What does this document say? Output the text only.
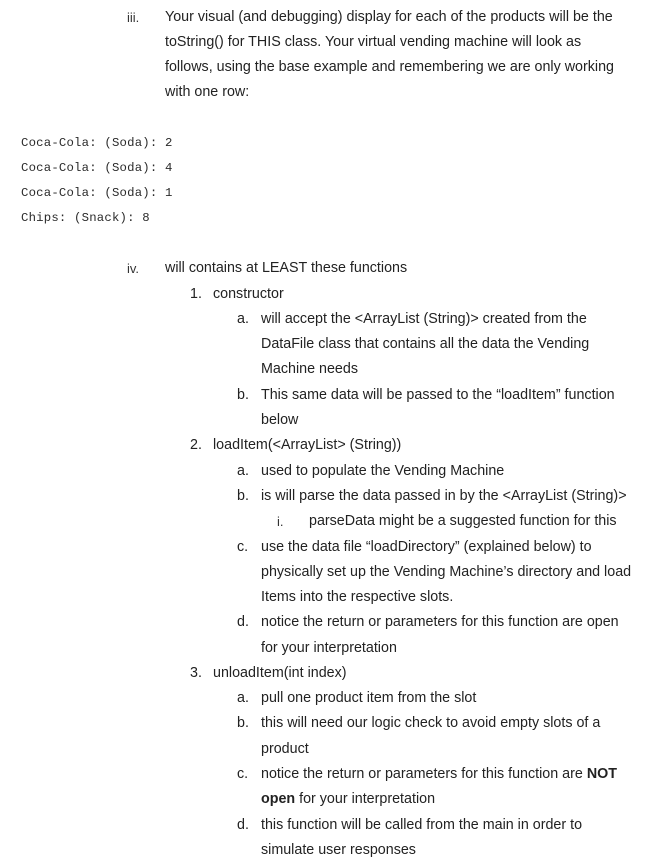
iii. Your visual (and debugging) display for each of the products will be the
toString() for THIS class. Your virtual vending machine will look as
follows, using the base example and remembering we are only working
with one row:
Coca-Cola: (Soda): 2
Coca-Cola: (Soda): 4
Coca-Cola: (Soda): 1
Chips: (Snack): 8
iv. will contains at LEAST these functions
1. constructor
a. will accept the <ArrayList (String)> created from the
DataFile class that contains all the data the Vending
Machine needs
b. This same data will be passed to the “loadItem” function
below
2. loadItem(<ArrayList> (String))
a. used to populate the Vending Machine
b. is will parse the data passed in by the <ArrayList (String)>
i. parseData might be a suggested function for this
c. use the data file “loadDirectory” (explained below) to
physically set up the Vending Machine’s directory and load
Items into the respective slots.
d. notice the return or parameters for this function are open
for your interpretation
3. unloadItem(int index)
a. pull one product item from the slot
b. this will need our logic check to avoid empty slots of a
product
c. notice the return or parameters for this function are NOT
open for your interpretation
d. this function will be called from the main in order to
simulate user responses
